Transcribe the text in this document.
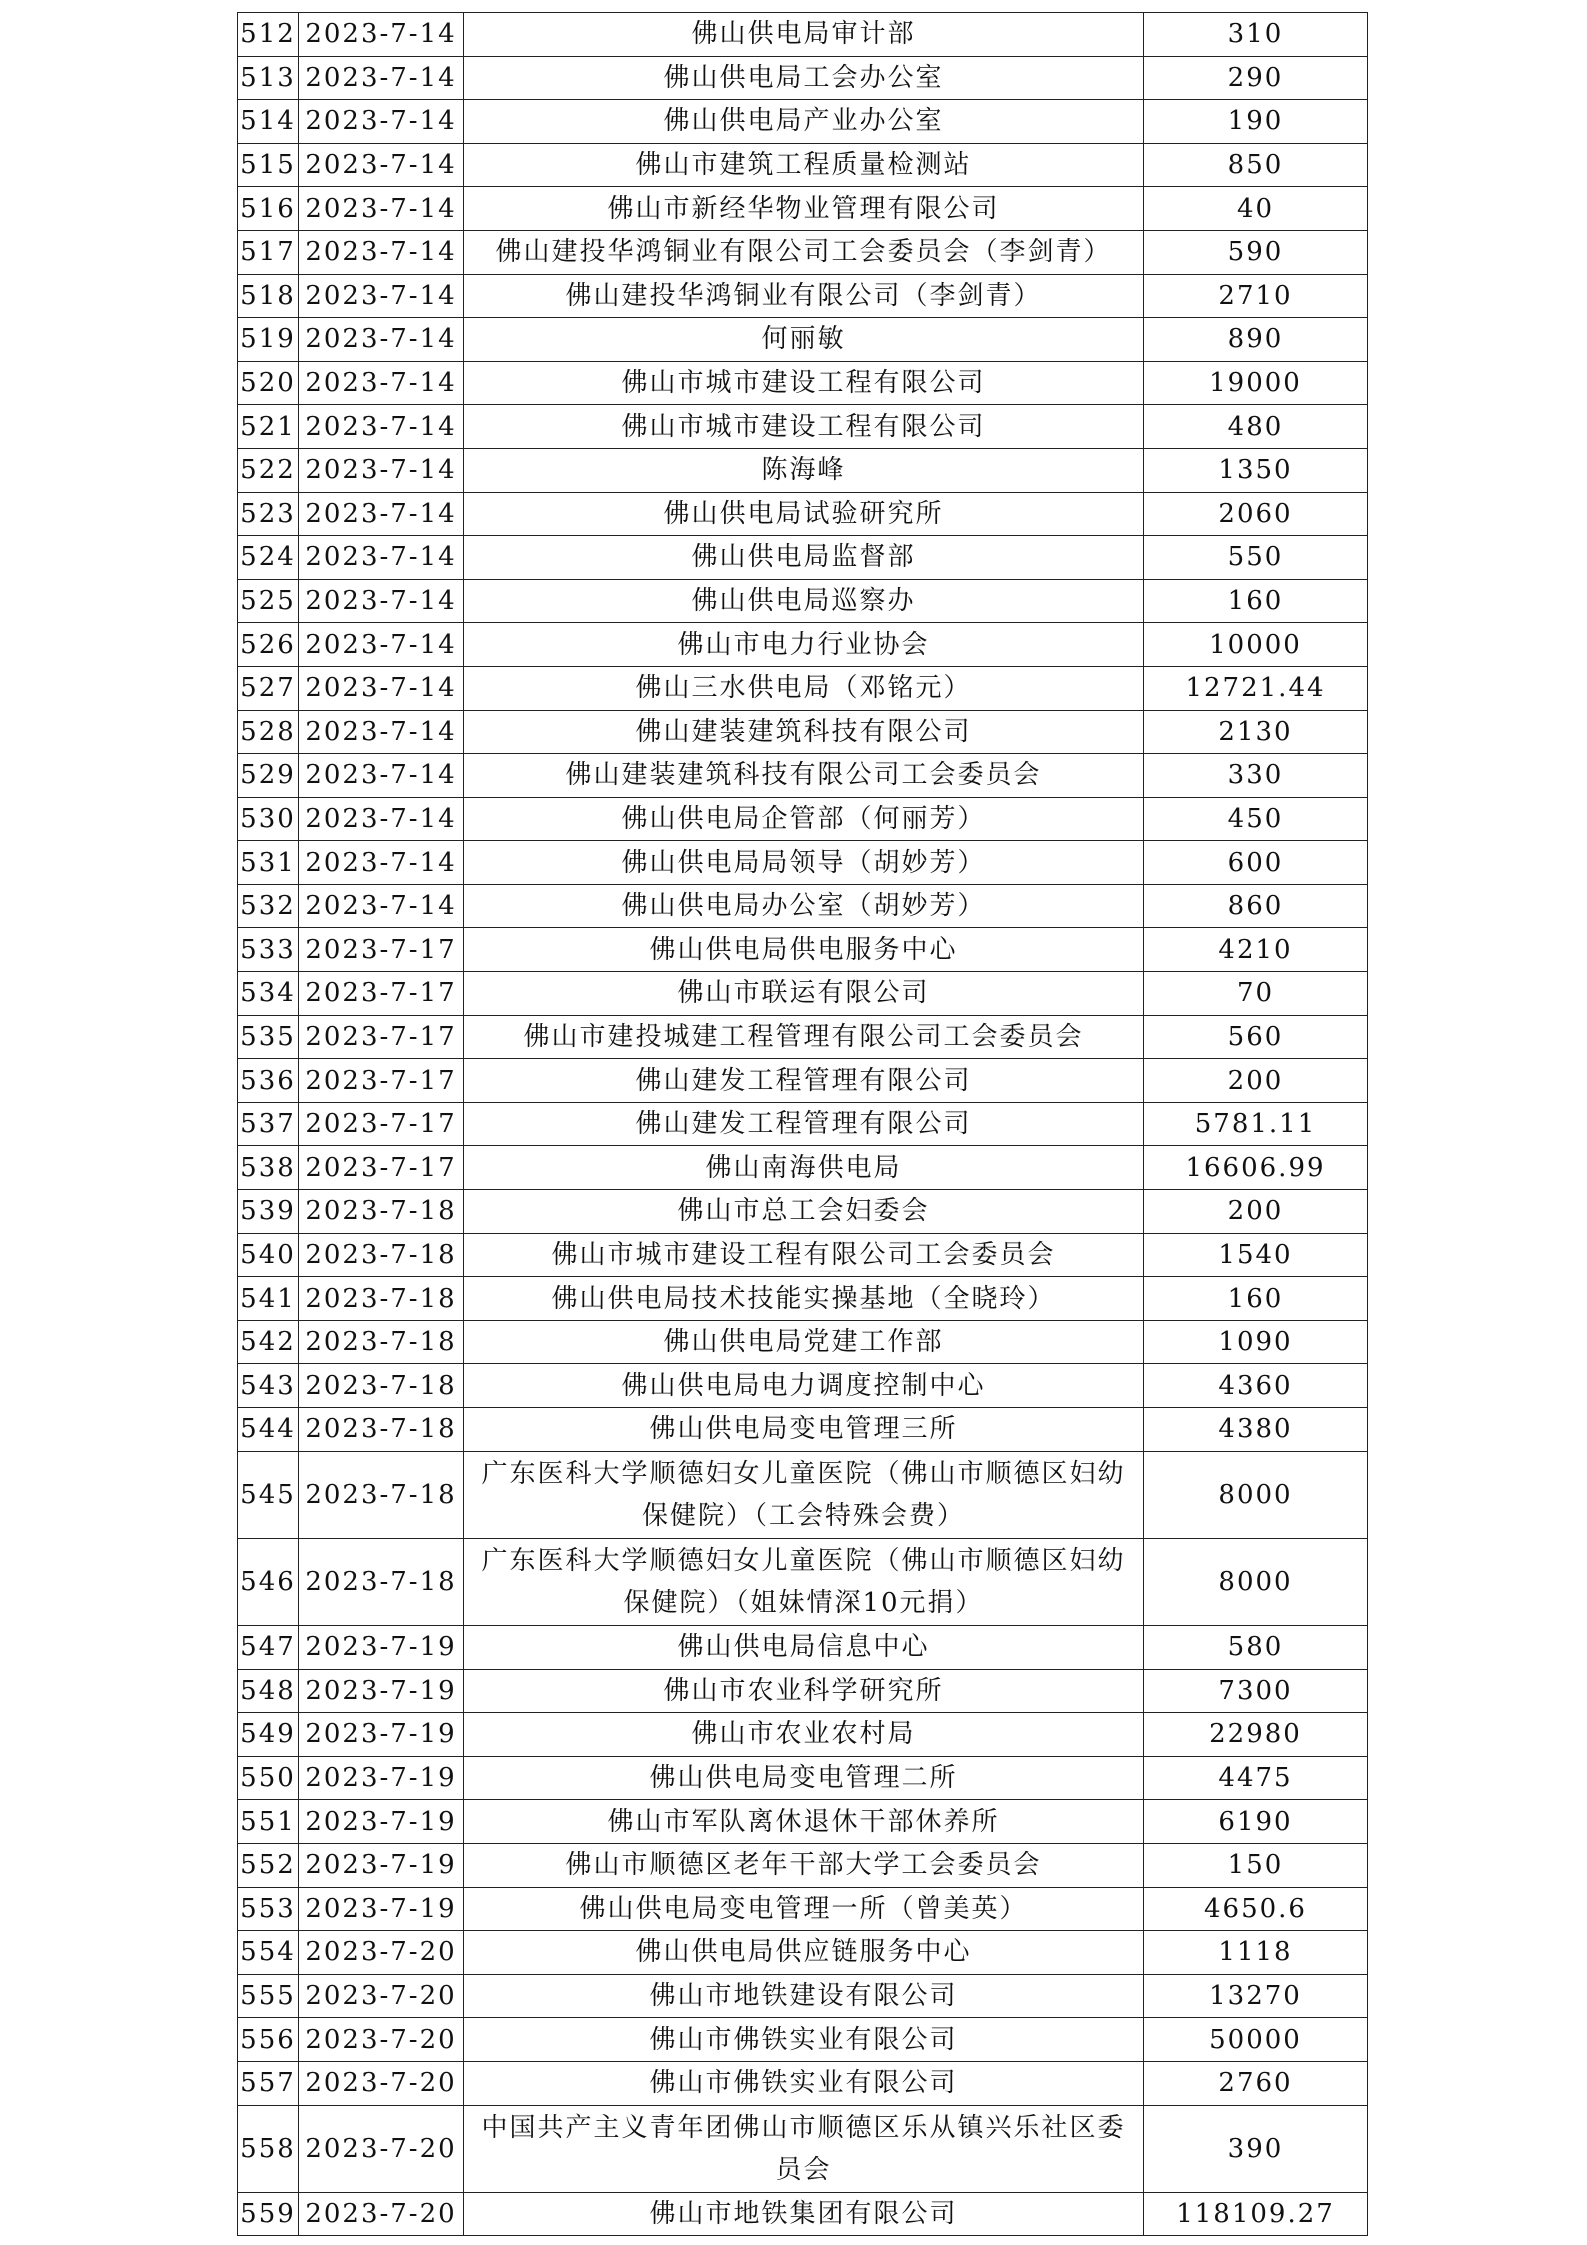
512	2023-7-14	佛山供电局审计部	310
513	2023-7-14	佛山供电局工会办公室	290
514	2023-7-14	佛山供电局产业办公室	190
515	2023-7-14	佛山市建筑工程质量检测站	850
516	2023-7-14	佛山市新经华物业管理有限公司	40
517	2023-7-14	佛山建投华鸿铜业有限公司工会委员会（李剑青）	590
518	2023-7-14	佛山建投华鸿铜业有限公司（李剑青）	2710
519	2023-7-14	何丽敏	890
520	2023-7-14	佛山市城市建设工程有限公司	19000
521	2023-7-14	佛山市城市建设工程有限公司	480
522	2023-7-14	陈海峰	1350
523	2023-7-14	佛山供电局试验研究所	2060
524	2023-7-14	佛山供电局监督部	550
525	2023-7-14	佛山供电局巡察办	160
526	2023-7-14	佛山市电力行业协会	10000
527	2023-7-14	佛山三水供电局（邓铭元）	12721.44
528	2023-7-14	佛山建装建筑科技有限公司	2130
529	2023-7-14	佛山建装建筑科技有限公司工会委员会	330
530	2023-7-14	佛山供电局企管部（何丽芳）	450
531	2023-7-14	佛山供电局局领导（胡妙芳）	600
532	2023-7-14	佛山供电局办公室（胡妙芳）	860
533	2023-7-17	佛山供电局供电服务中心	4210
534	2023-7-17	佛山市联运有限公司	70
535	2023-7-17	佛山市建投城建工程管理有限公司工会委员会	560
536	2023-7-17	佛山建发工程管理有限公司	200
537	2023-7-17	佛山建发工程管理有限公司	5781.11
538	2023-7-17	佛山南海供电局	16606.99
539	2023-7-18	佛山市总工会妇委会	200
540	2023-7-18	佛山市城市建设工程有限公司工会委员会	1540
541	2023-7-18	佛山供电局技术技能实操基地（全晓玲）	160
542	2023-7-18	佛山供电局党建工作部	1090
543	2023-7-18	佛山供电局电力调度控制中心	4360
544	2023-7-18	佛山供电局变电管理三所	4380
545	2023-7-18	广东医科大学顺德妇女儿童医院（佛山市顺德区妇幼保健院）（工会特殊会费）	8000
546	2023-7-18	广东医科大学顺德妇女儿童医院（佛山市顺德区妇幼保健院）（姐妹情深10元捐）	8000
547	2023-7-19	佛山供电局信息中心	580
548	2023-7-19	佛山市农业科学研究所	7300
549	2023-7-19	佛山市农业农村局	22980
550	2023-7-19	佛山供电局变电管理二所	4475
551	2023-7-19	佛山市军队离休退休干部休养所	6190
552	2023-7-19	佛山市顺德区老年干部大学工会委员会	150
553	2023-7-19	佛山供电局变电管理一所（曾美英）	4650.6
554	2023-7-20	佛山供电局供应链服务中心	1118
555	2023-7-20	佛山市地铁建设有限公司	13270
556	2023-7-20	佛山市佛铁实业有限公司	50000
557	2023-7-20	佛山市佛铁实业有限公司	2760
558	2023-7-20	中国共产主义青年团佛山市顺德区乐从镇兴乐社区委员会	390
559	2023-7-20	佛山市地铁集团有限公司	118109.27
